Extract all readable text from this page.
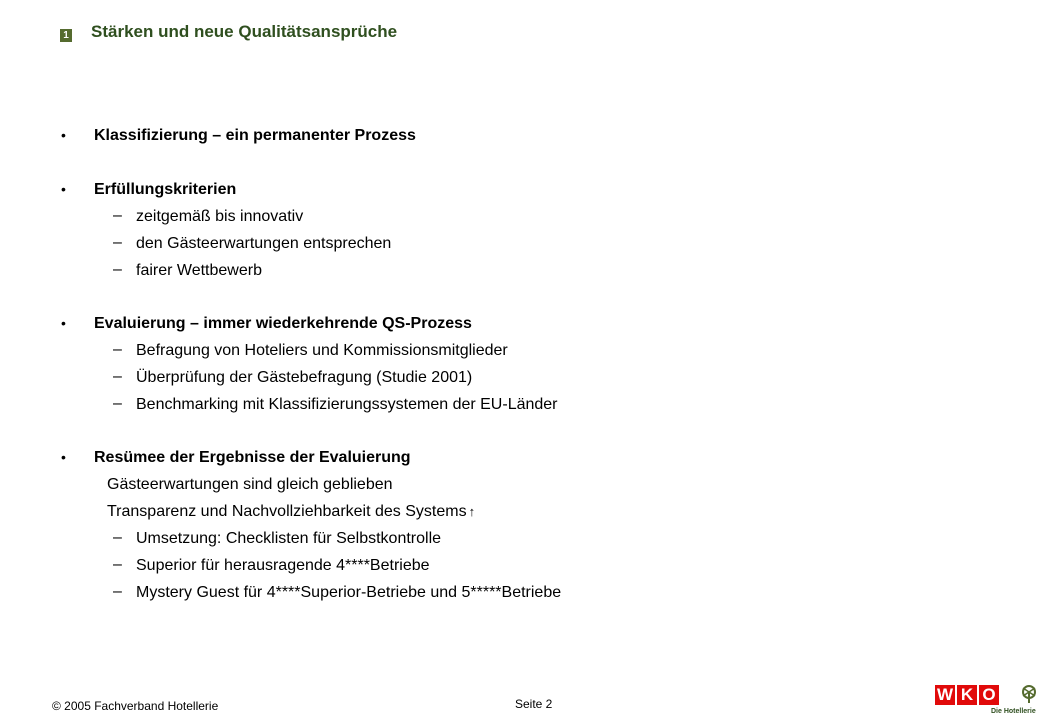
1 Stärken und neue Qualitätsansprüche
• Klassifizierung – ein permanenter Prozess
• Erfüllungskriterien
– zeitgemäß bis innovativ
– den Gästeerwartungen entsprechen
– fairer Wettbewerb
• Evaluierung – immer wiederkehrende QS-Prozess
– Befragung von Hoteliers und Kommissionsmitglieder
– Überprüfung der Gästebefragung (Studie 2001)
– Benchmarking mit Klassifizierungssystemen der EU-Länder
• Resümee der Ergebnisse der Evaluierung
Gästeerwartungen sind gleich geblieben
Transparenz und Nachvollziehbarkeit des Systems ↑
– Umsetzung: Checklisten für Selbstkontrolle
– Superior für herausragende 4****Betriebe
– Mystery Guest für 4****Superior-Betriebe und 5*****Betriebe
© 2005 Fachverband Hotellerie	Seite 2	W K O
Die Hotellerie
